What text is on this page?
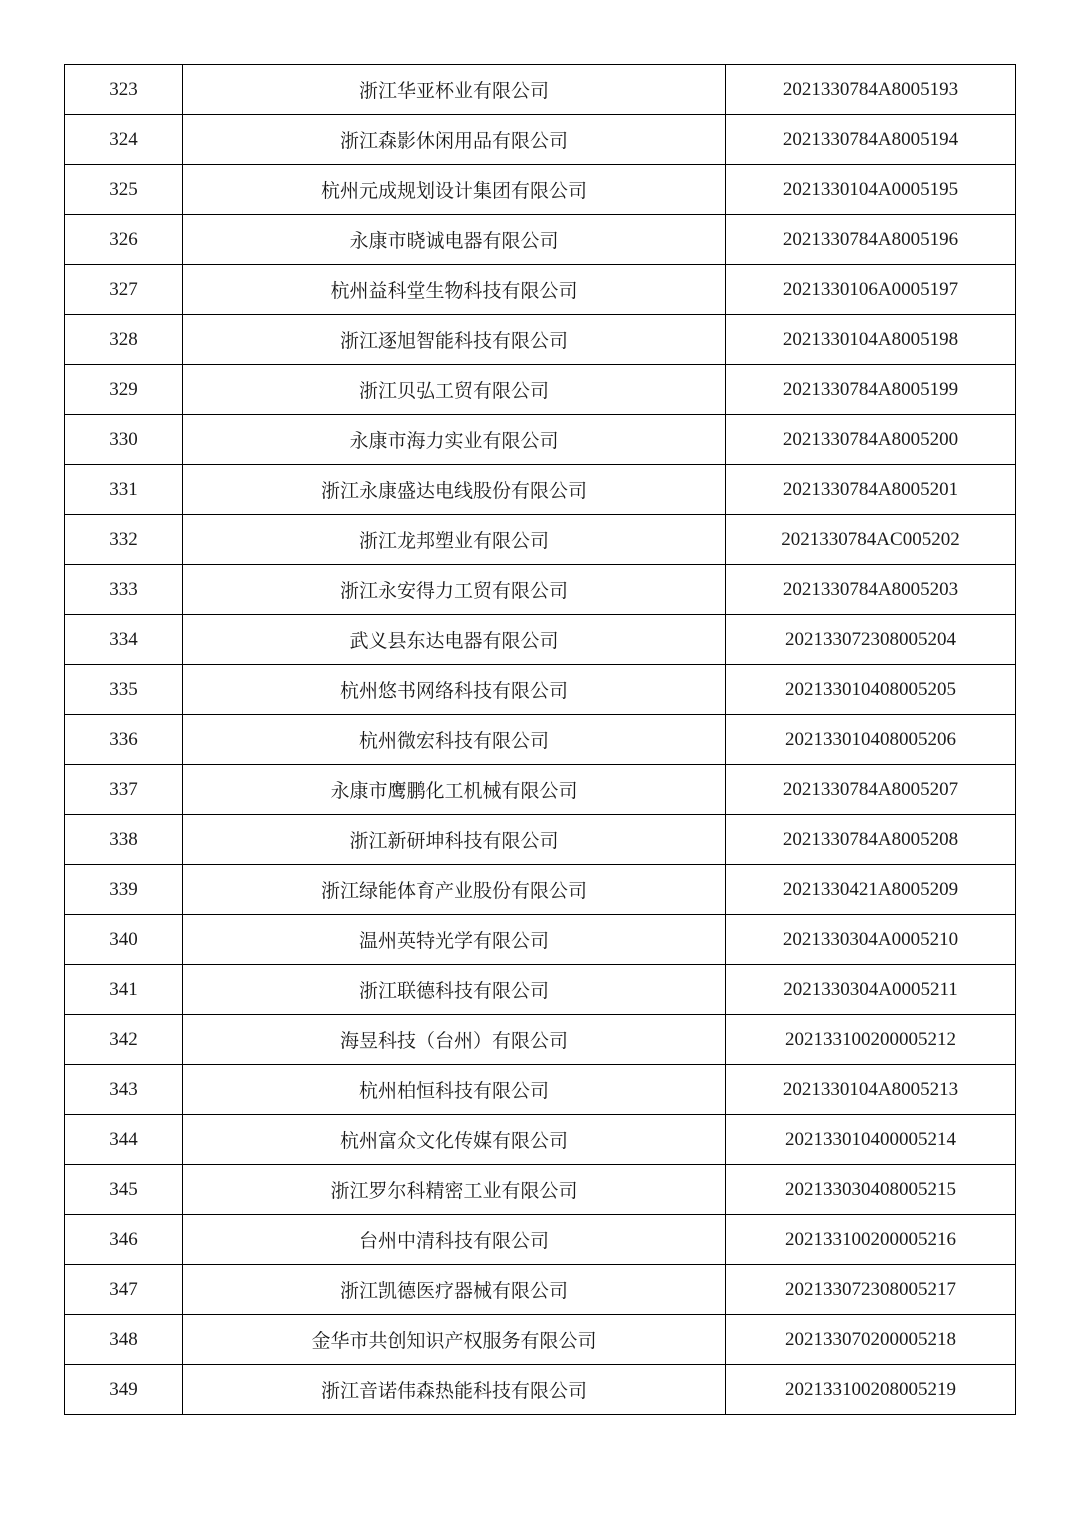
323	浙江华亚杯业有限公司	2021330784A8005193
324	浙江森影休闲用品有限公司	2021330784A8005194
325	杭州元成规划设计集团有限公司	2021330104A0005195
326	永康市晓诚电器有限公司	2021330784A8005196
327	杭州益科堂生物科技有限公司	2021330106A0005197
328	浙江逐旭智能科技有限公司	2021330104A8005198
329	浙江贝弘工贸有限公司	2021330784A8005199
330	永康市海力实业有限公司	2021330784A8005200
331	浙江永康盛达电线股份有限公司	2021330784A8005201
332	浙江龙邦塑业有限公司	2021330784AC005202
333	浙江永安得力工贸有限公司	2021330784A8005203
334	武义县东达电器有限公司	202133072308005204
335	杭州悠书网络科技有限公司	202133010408005205
336	杭州微宏科技有限公司	202133010408005206
337	永康市鹰鹏化工机械有限公司	2021330784A8005207
338	浙江新研坤科技有限公司	2021330784A8005208
339	浙江绿能体育产业股份有限公司	2021330421A8005209
340	温州英特光学有限公司	2021330304A0005210
341	浙江联德科技有限公司	2021330304A0005211
342	海昱科技（台州）有限公司	202133100200005212
343	杭州柏恒科技有限公司	2021330104A8005213
344	杭州富众文化传媒有限公司	202133010400005214
345	浙江罗尔科精密工业有限公司	202133030408005215
346	台州中清科技有限公司	202133100200005216
347	浙江凯德医疗器械有限公司	202133072308005217
348	金华市共创知识产权服务有限公司	202133070200005218
349	浙江音诺伟森热能科技有限公司	202133100208005219
